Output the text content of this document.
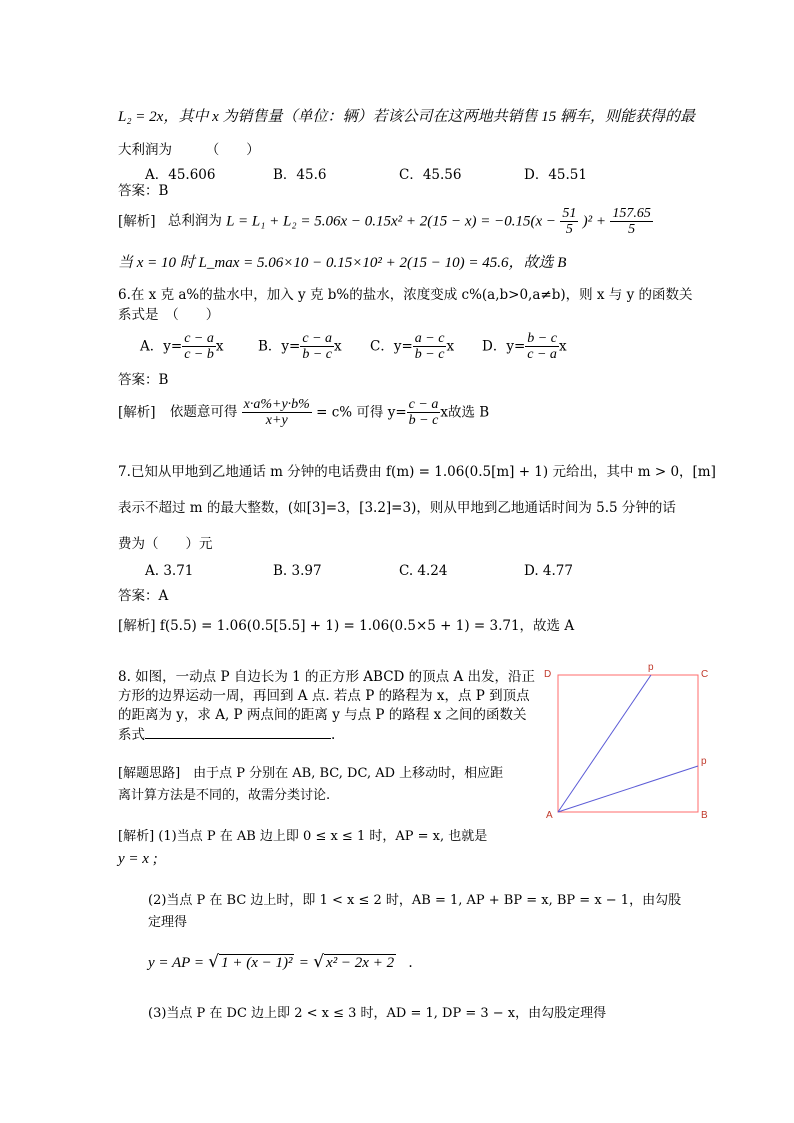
L₂ = 2x，其中 x 为销售量（单位：辆）若该公司在这两地共销售 15 辆车，则能获得的最
大利润为　　　（　　）
A．45.606	B．45.6	C．45.56	D．45.51
答案：B
[解析] 总利润为 $L = L_1 + L_2 = 5.06x - 0.15x^2 + 2(15 - x) = -0.15(x - \frac{51}{5} )^2 + \frac{157.65}{5}$
当 x = 10 时 L_max = 5.06×10 − 0.15×10² + 2(15 − 10) = 45.6，故选 B
6.在 x 克 a%的盐水中，加入 y 克 b%的盐水，浓度变成 c%(a,b>0,a≠b)，则 x 与 y 的函数关
系式是　（　　）
A．$y= \frac{c - a}{c - b}$ x	B．$y= \frac{c - a}{b - c}$ x C．$y= \frac{a - c}{b - c}$ x D．$y= \frac{b - c}{c - a}$ x
答案：B
[解析] 依题意可得 $\frac{x\cdot a\%+y\cdot b\%}{x+y} = c\%$ 可得 $y= \frac{c - a}{b - c}$ x故选 B
7.已知从甲地到乙地通话 m 分钟的电话费由 f(m) = 1.06(0.5[m] + 1) 元给出，其中 m > 0，[m]
表示不超过 m 的最大整数，(如[3]=3，[3.2]=3)，则从甲地到乙地通话时间为 5.5 分钟的话
费为（　　）元
A. 3.71	B. 3.97	C. 4.24	D. 4.77
答案：A
[解析] f(5.5) = 1.06(0.5[5.5] + 1) = 1.06(0.5×5 + 1) = 3.71，故选 A
8. 如图，一动点 P 自边长为 1 的正方形 ABCD 的顶点 A 出发，沿正
方形的边界运动一周，再回到 A 点. 若点 P 的路程为 x，点 P 到顶点
的距离为 y，求 A, P 两点间的距离 y 与点 P 的路程 x 之间的函数关
系式	.
[解题思路]　由于点 P 分别在 AB, BC, DC, AD 上移动时，相应距
离计算方法是不同的，故需分类讨论.
[解析] (1)当点 P 在 AB 边上即 0 ≤ x ≤ 1 时，AP = x, 也就是
y = x ;
(2)当点 P 在 BC 边上时，即 1 < x ≤ 2 时，AB = 1, AP + BP = x, BP = x − 1，由勾股
定理得
y = AP = √ 1 + (x − 1)² = √ x² − 2x + 2 .
(3)当点 P 在 DC 边上即 2 < x ≤ 3 时，AD = 1, DP = 3 − x，由勾股定理得
D	C
A	B
p
p
